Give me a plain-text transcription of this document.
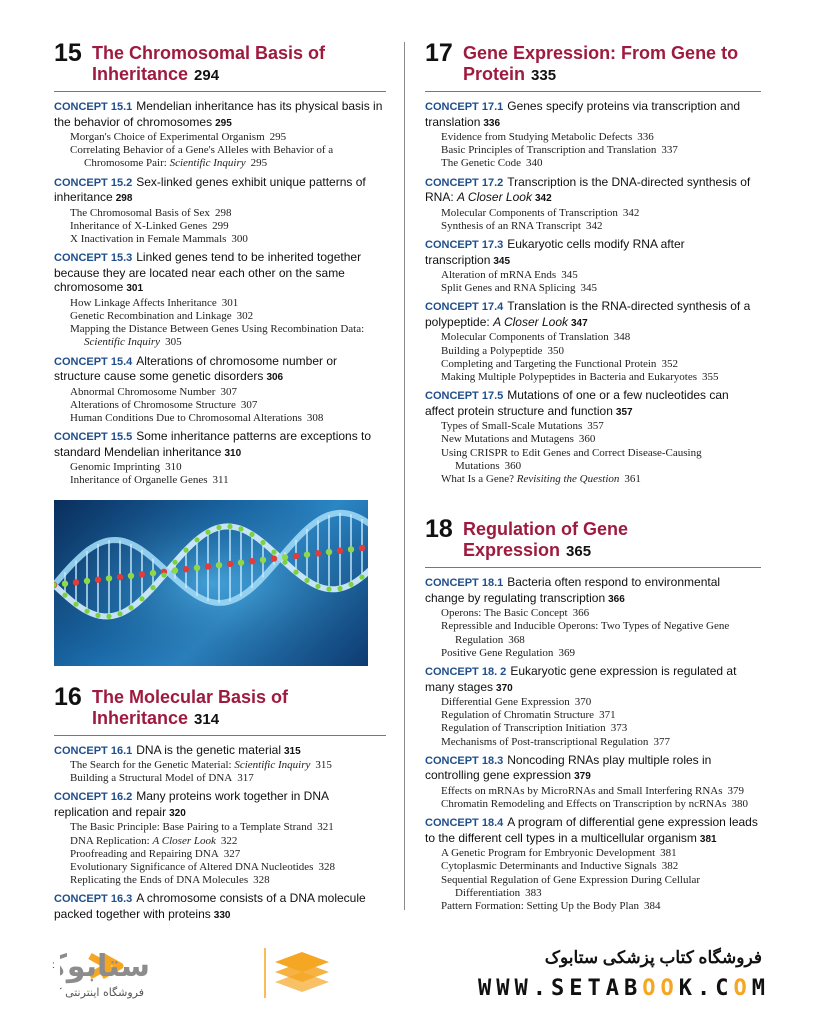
15 The Chromosomal Basis of Inheritance 294
CONCEPT 15.1 Mendelian inheritance has its physical basis in the behavior of chromosomes 295
Morgan's Choice of Experimental Organism 295
Correlating Behavior of a Gene's Alleles with Behavior of a Chromosome Pair: Scientific Inquiry 295
CONCEPT 15.2 Sex-linked genes exhibit unique patterns of inheritance 298
The Chromosomal Basis of Sex 298
Inheritance of X-Linked Genes 299
X Inactivation in Female Mammals 300
CONCEPT 15.3 Linked genes tend to be inherited together because they are located near each other on the same chromosome 301
How Linkage Affects Inheritance 301
Genetic Recombination and Linkage 302
Mapping the Distance Between Genes Using Recombination Data: Scientific Inquiry 305
CONCEPT 15.4 Alterations of chromosome number or structure cause some genetic disorders 306
Abnormal Chromosome Number 307
Alterations of Chromosome Structure 307
Human Conditions Due to Chromosomal Alterations 308
CONCEPT 15.5 Some inheritance patterns are exceptions to standard Mendelian inheritance 310
Genomic Imprinting 310
Inheritance of Organelle Genes 311
16 The Molecular Basis of Inheritance 314
CONCEPT 16.1 DNA is the genetic material 315
The Search for the Genetic Material: Scientific Inquiry 315
Building a Structural Model of DNA 317
CONCEPT 16.2 Many proteins work together in DNA replication and repair 320
The Basic Principle: Base Pairing to a Template Strand 321
DNA Replication: A Closer Look 322
Proofreading and Repairing DNA 327
Evolutionary Significance of Altered DNA Nucleotides 328
Replicating the Ends of DNA Molecules 328
CONCEPT 16.3 A chromosome consists of a DNA molecule packed together with proteins 330
17 Gene Expression: From Gene to Protein 335
CONCEPT 17.1 Genes specify proteins via transcription and translation 336
Evidence from Studying Metabolic Defects 336
Basic Principles of Transcription and Translation 337
The Genetic Code 340
CONCEPT 17.2 Transcription is the DNA-directed synthesis of RNA: A Closer Look 342
Molecular Components of Transcription 342
Synthesis of an RNA Transcript 342
CONCEPT 17.3 Eukaryotic cells modify RNA after transcription 345
Alteration of mRNA Ends 345
Split Genes and RNA Splicing 345
CONCEPT 17.4 Translation is the RNA-directed synthesis of a polypeptide: A Closer Look 347
Molecular Components of Translation 348
Building a Polypeptide 350
Completing and Targeting the Functional Protein 352
Making Multiple Polypeptides in Bacteria and Eukaryotes 355
CONCEPT 17.5 Mutations of one or a few nucleotides can affect protein structure and function 357
Types of Small-Scale Mutations 357
New Mutations and Mutagens 360
Using CRISPR to Edit Genes and Correct Disease-Causing Mutations 360
What Is a Gene? Revisiting the Question 361
18 Regulation of Gene Expression 365
CONCEPT 18.1 Bacteria often respond to environmental change by regulating transcription 366
Operons: The Basic Concept 366
Repressible and Inducible Operons: Two Types of Negative Gene Regulation 368
Positive Gene Regulation 369
CONCEPT 18. 2 Eukaryotic gene expression is regulated at many stages 370
Differential Gene Expression 370
Regulation of Chromatin Structure 371
Regulation of Transcription Initiation 373
Mechanisms of Post-transcriptional Regulation 377
CONCEPT 18.3 Noncoding RNAs play multiple roles in controlling gene expression 379
Effects on mRNAs by MicroRNAs and Small Interfering RNAs 379
Chromatin Remodeling and Effects on Transcription by ncRNAs 380
CONCEPT 18.4 A program of differential gene expression leads to the different cell types in a multicellular organism 381
A Genetic Program for Embryonic Development 381
Cytoplasmic Determinants and Inductive Signals 382
Sequential Regulation of Gene Expression During Cellular Differentiation 383
Pattern Formation: Setting Up the Body Plan 384
:	ستابو
فروشگاه اینترنتی
فروشگاه کتاب پزشکی ستابوک
WWW.SETABOOK.COM
